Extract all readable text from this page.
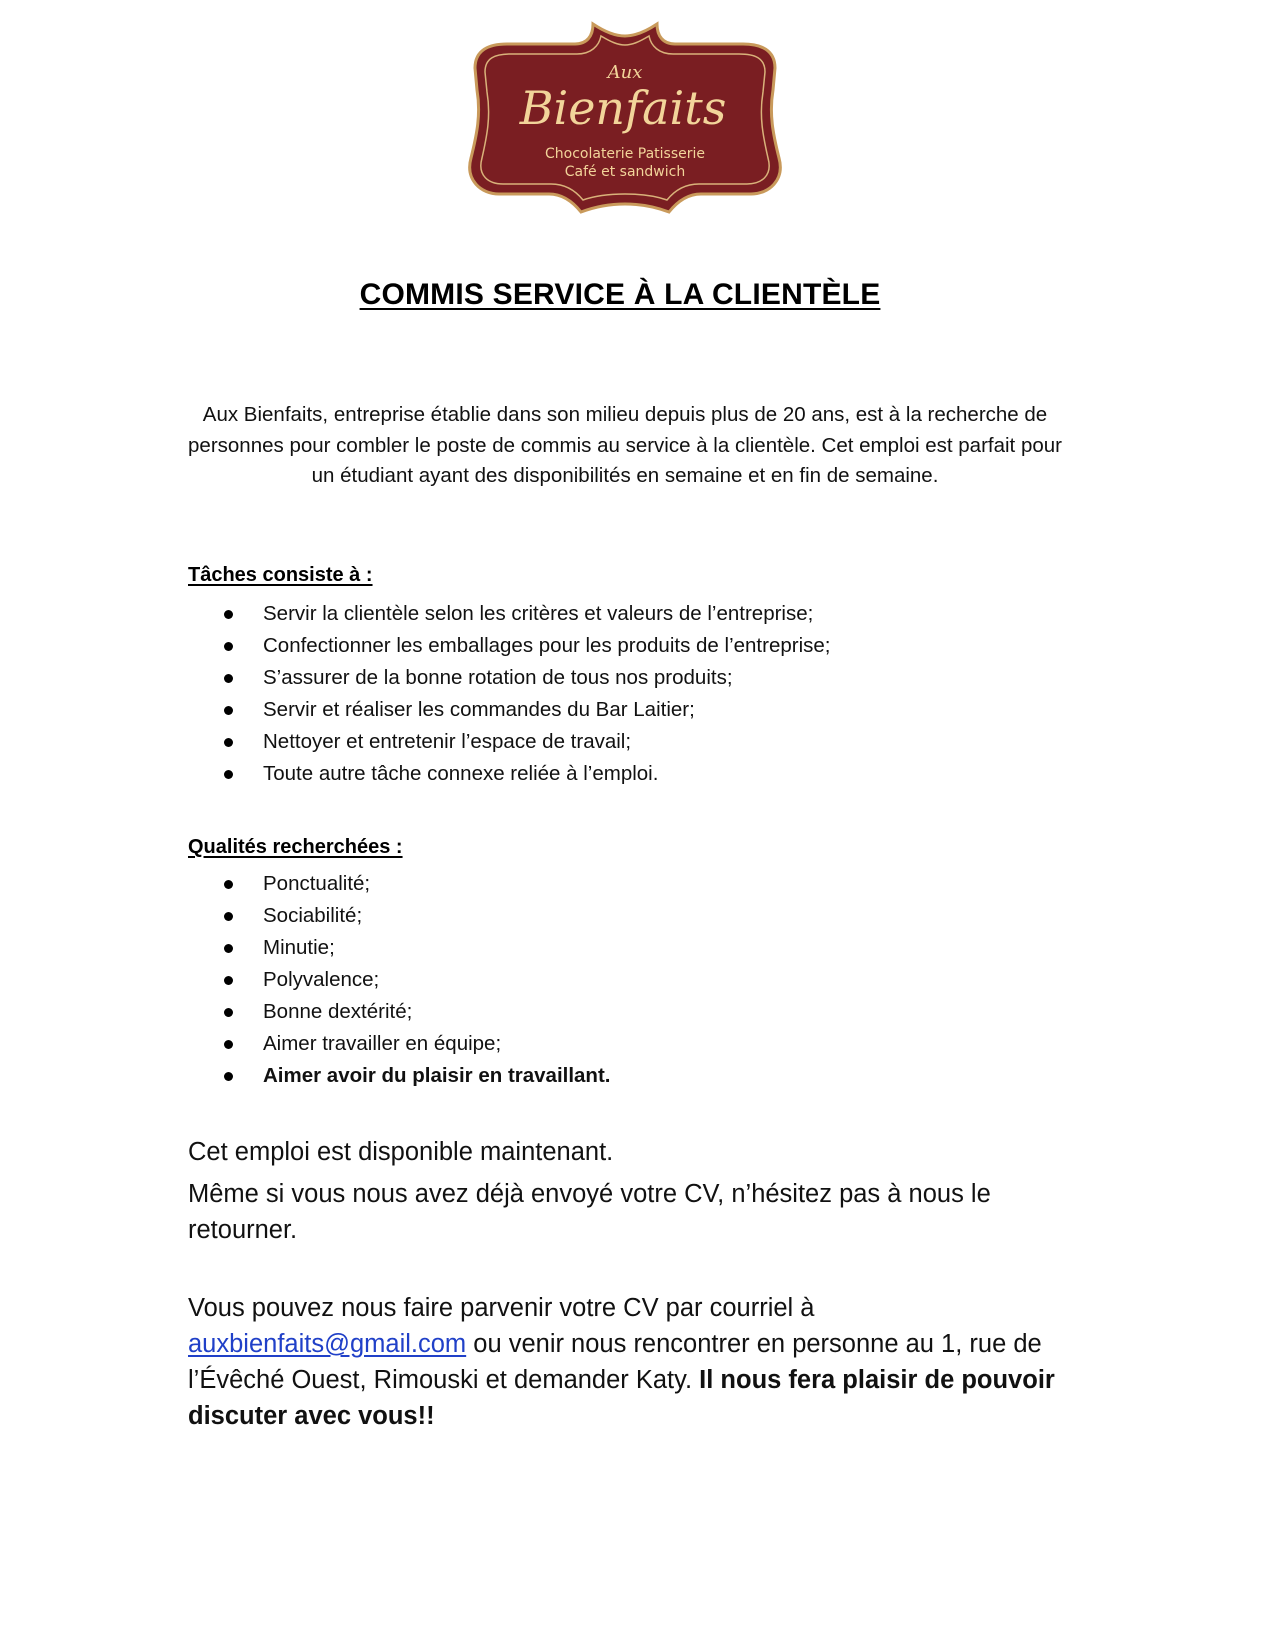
Aux
Bienfaits
Chocolaterie Patisserie
Café et sandwich
COMMIS SERVICE À LA CLIENTÈLE
Aux Bienfaits, entreprise établie dans son milieu depuis plus de 20 ans, est à la recherche de personnes pour combler le poste de commis au service à la clientèle. Cet emploi est parfait pour un étudiant ayant des disponibilités en semaine et en fin de semaine.
Tâches consiste à :
Servir la clientèle selon les critères et valeurs de l’entreprise;
Confectionner les emballages pour les produits de l’entreprise;
S’assurer de la bonne rotation de tous nos produits;
Servir et réaliser les commandes du Bar Laitier;
Nettoyer et entretenir l’espace de travail;
Toute autre tâche connexe reliée à l’emploi.
Qualités recherchées :
Ponctualité;
Sociabilité;
Minutie;
Polyvalence;
Bonne dextérité;
Aimer travailler en équipe;
Aimer avoir du plaisir en travaillant.
Cet emploi est disponible maintenant.
Même si vous nous avez déjà envoyé votre CV, n’hésitez pas à nous le retourner.
Vous pouvez nous faire parvenir votre CV par courriel à auxbienfaits@gmail.com ou venir nous rencontrer en personne au 1, rue de l’Évêché Ouest, Rimouski et demander Katy. Il nous fera plaisir de pouvoir discuter avec vous!!
